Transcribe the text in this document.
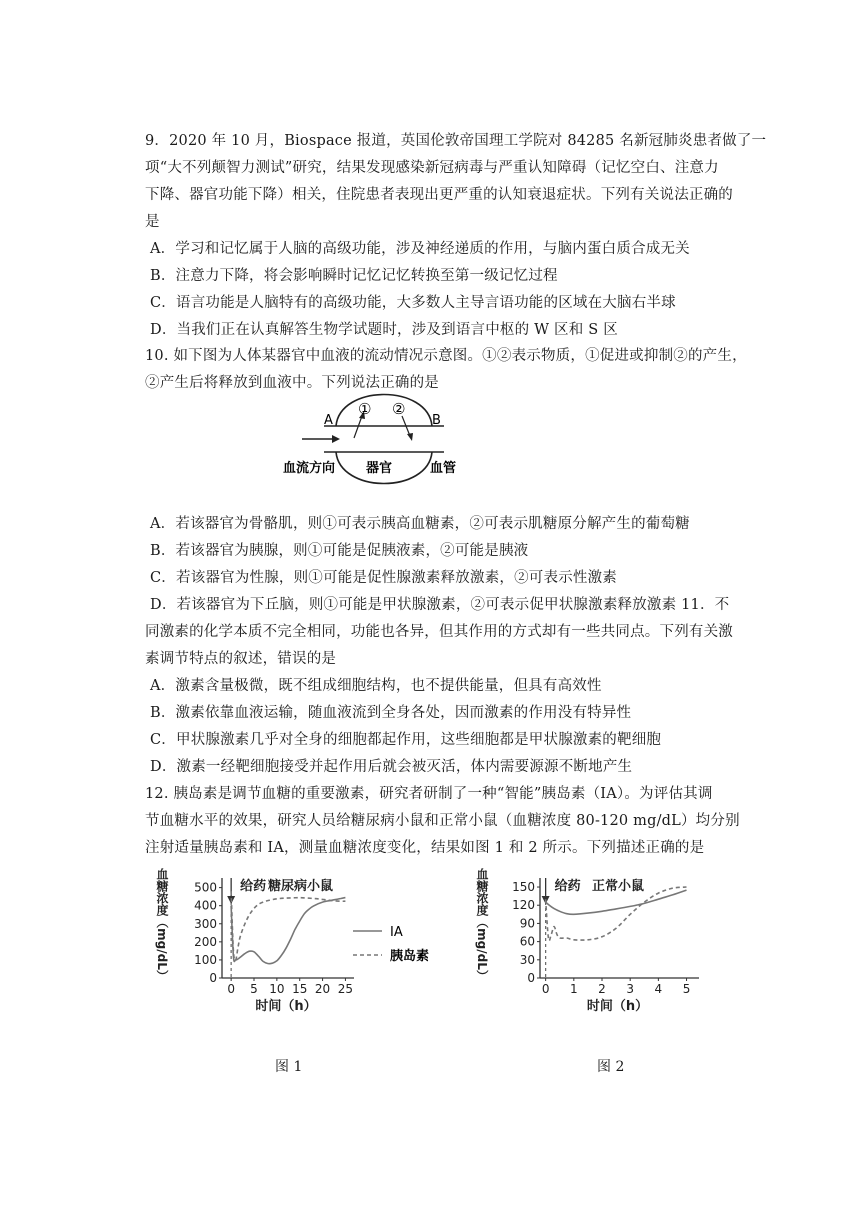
9．2020 年 10 月，Biospace 报道，英国伦敦帝国理工学院对 84285 名新冠肺炎患者做了一
项“大不列颠智力测试”研究，结果发现感染新冠病毒与严重认知障碍（记忆空白、注意力
下降、器官功能下降）相关，住院患者表现出更严重的认知衰退症状。下列有关说法正确的
是
A．学习和记忆属于人脑的高级功能，涉及神经递质的作用，与脑内蛋白质合成无关
B．注意力下降，将会影响瞬时记忆记忆转换至第一级记忆过程
C．语言功能是人脑特有的高级功能，大多数人主导言语功能的区域在大脑右半球
D．当我们正在认真解答生物学试题时，涉及到语言中枢的 W 区和 S 区
10. 如下图为人体某器官中血液的流动情况示意图。①②表示物质，①促进或抑制②的产生，
②产生后将释放到血液中。下列说法正确的是
A	B
① ②
血流方向 器官	血管
A．若该器官为骨骼肌，则①可表示胰高血糖素，②可表示肌糖原分解产生的葡萄糖
B．若该器官为胰腺，则①可能是促胰液素，②可能是胰液
C．若该器官为性腺，则①可能是促性腺激素释放激素，②可表示性激素
D．若该器官为下丘脑，则①可能是甲状腺激素，②可表示促甲状腺激素释放激素 11．不
同激素的化学本质不完全相同，功能也各异，但其作用的方式却有一些共同点。下列有关激
素调节特点的叙述，错误的是
A．激素含量极微，既不组成细胞结构，也不提供能量，但具有高效性
B．激素依靠血液运输，随血液流到全身各处，因而激素的作用没有特异性
C．甲状腺激素几乎对全身的细胞都起作用，这些细胞都是甲状腺激素的靶细胞
D．激素一经靶细胞接受并起作用后就会被灭活，体内需要源源不断地产生
12. 胰岛素是调节血糖的重要激素，研究者研制了一种“智能”胰岛素（IA）。为评估其调
节血糖水平的效果，研究人员给糖尿病小鼠和正常小鼠（血糖浓度 80-120 mg/dL）均分别
注射适量胰岛素和 IA，测量血糖浓度变化，结果如图 1 和 2 所示。下列描述正确的是
0
100
200
300
400
500
0 5 10 15 20 25
给药 糖尿病小鼠
时间（h）
血糖浓度（mg/dL）	IA
胰岛素
0
30
60
90
120
150
0 1 2 3 4 5
给药 正常小鼠
时间（h）
血糖浓度（mg/dL）
图 1	图 2
